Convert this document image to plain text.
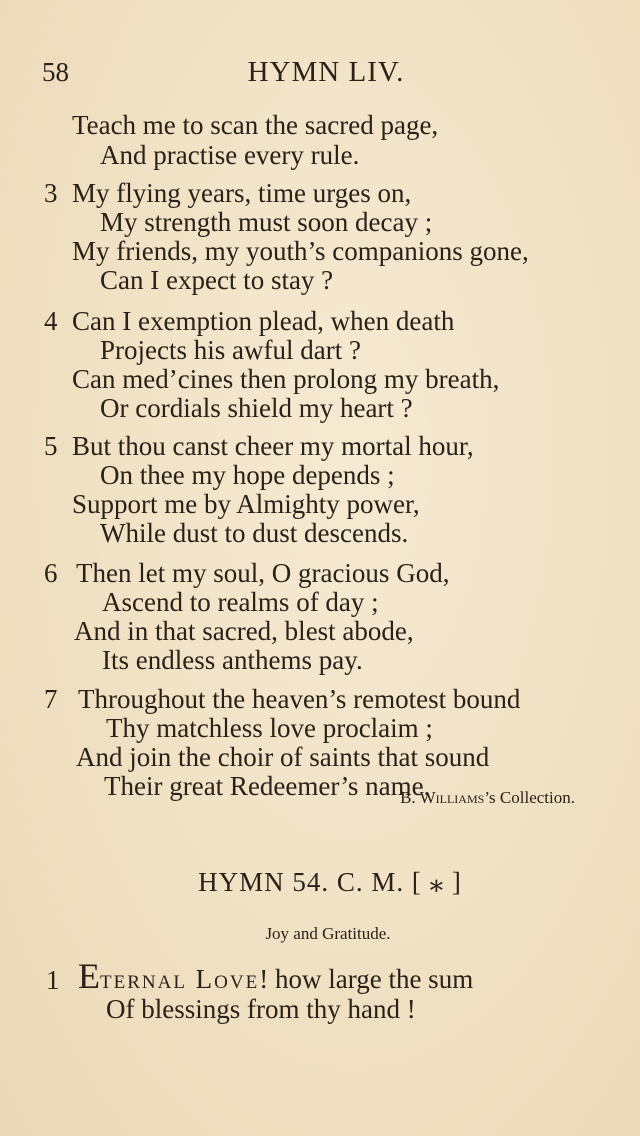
58	HYMN LIV.
Teach me to scan the sacred page,
And practise every rule.
3 My flying years, time urges on,
My strength must soon decay ;
My friends, my youth’s companions gone,
Can I expect to stay ?
4 Can I exemption plead, when death
Projects his awful dart ?
Can med’cines then prolong my breath,
Or cordials shield my heart ?
5 But thou canst cheer my mortal hour,
On thee my hope depends ;
Support me by Almighty power,
While dust to dust descends.
6 Then let my soul, O gracious God,
Ascend to realms of day ;
And in that sacred, blest abode,
Its endless anthems pay.
7 Throughout the heaven’s remotest bound
Thy matchless love proclaim ;
And join the choir of saints that sound
Their great Redeemer’s name.
B. Williams’s Collection.
HYMN 54. C. M. [ ⁎ ]
Joy and Gratitude.
1 Eternal Love! how large the sum
Of blessings from thy hand !
